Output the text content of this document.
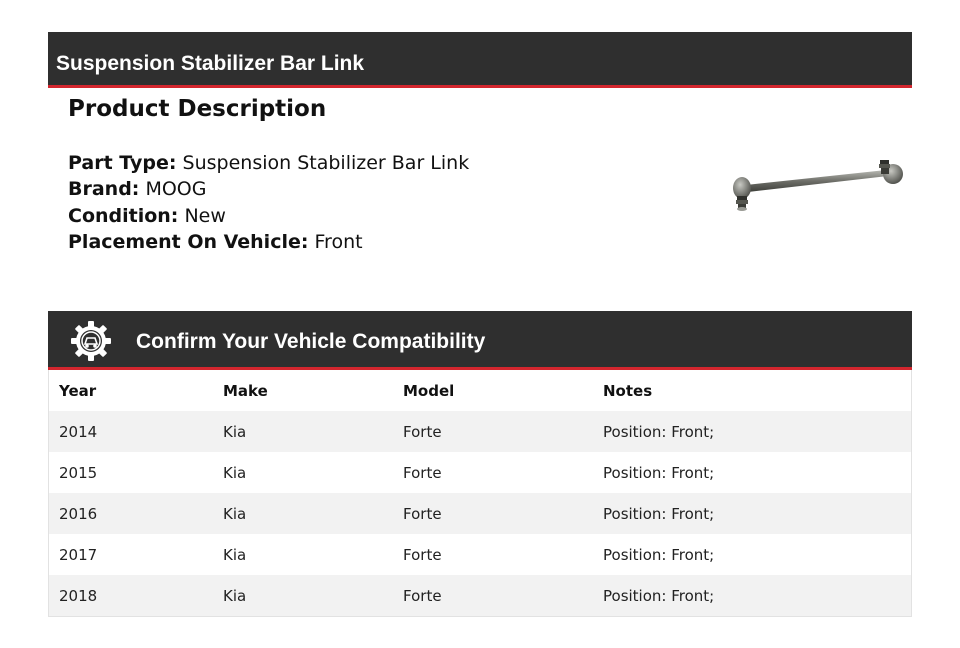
Suspension Stabilizer Bar Link
Product Description
Part Type: Suspension Stabilizer Bar Link
Brand: MOOG
Condition: New
Placement On Vehicle: Front
Confirm Your Vehicle Compatibility
Year	Make	Model	Notes
2014	Kia	Forte	Position: Front;
2015	Kia	Forte	Position: Front;
2016	Kia	Forte	Position: Front;
2017	Kia	Forte	Position: Front;
2018	Kia	Forte	Position: Front;
